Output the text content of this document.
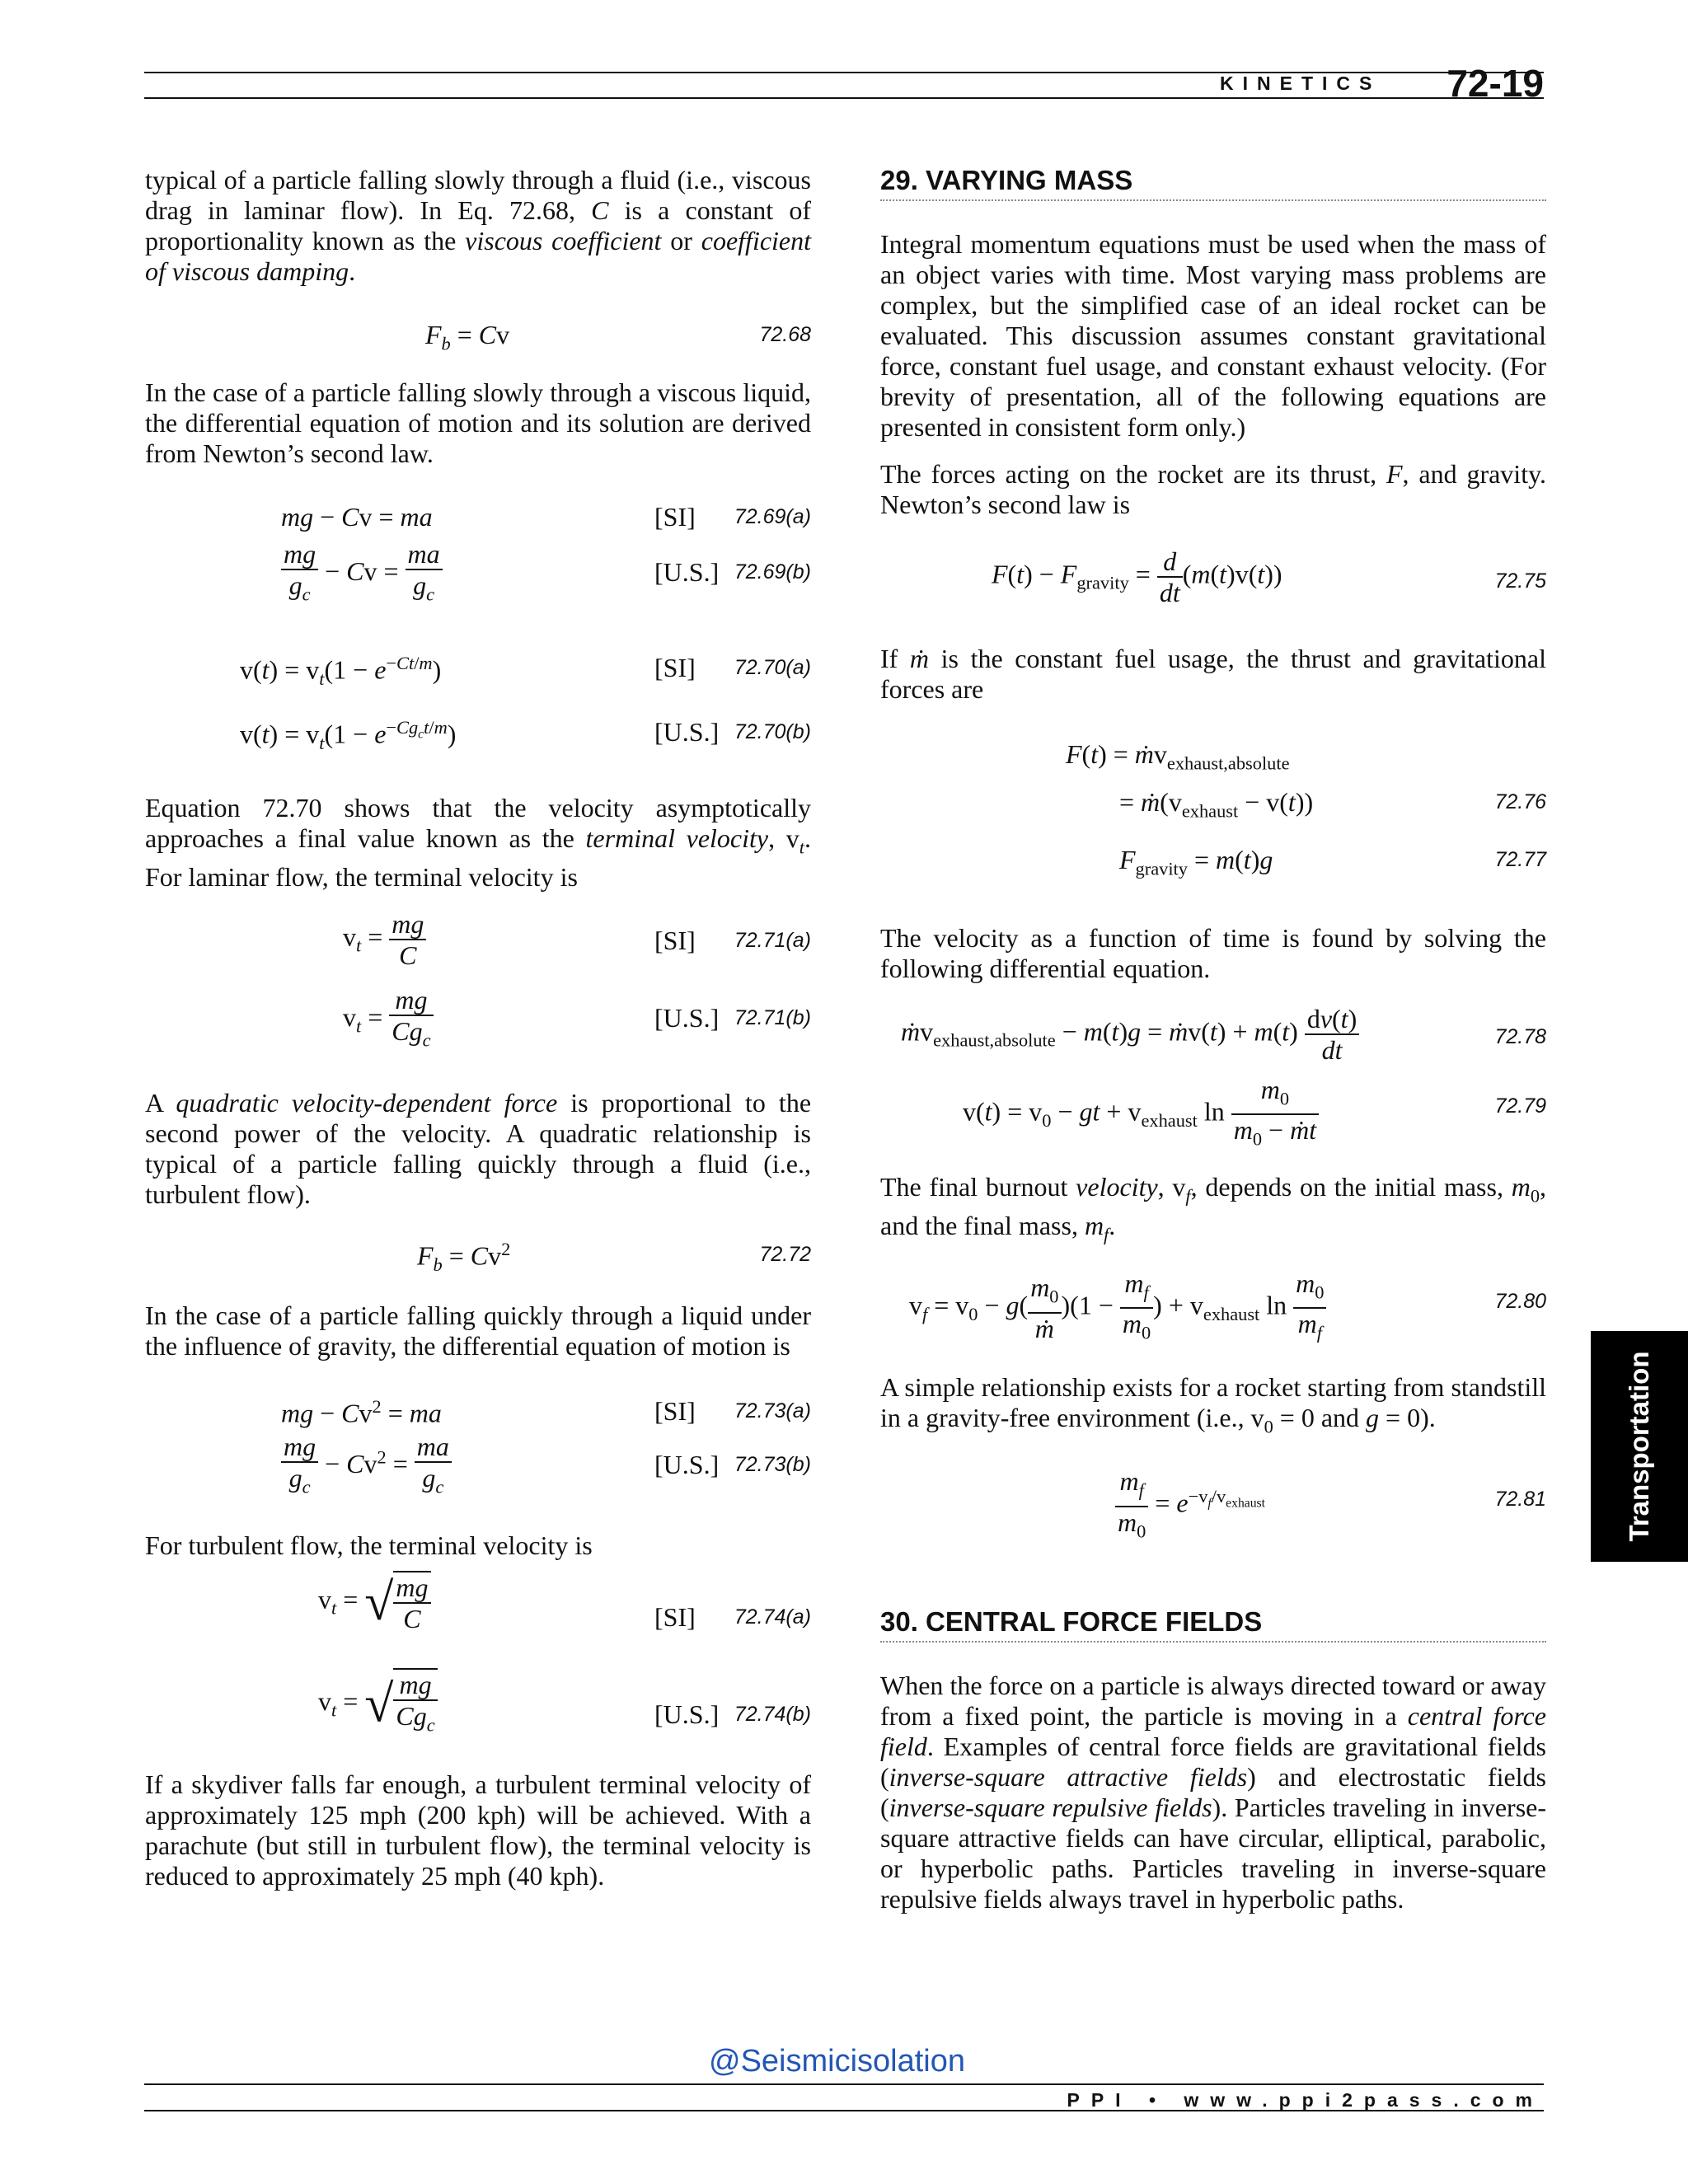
KINETICS 72-19

typical of a particle falling slowly through a fluid (i.e., viscous drag in laminar flow). In Eq. 72.68, C is a constant of proportionality known as the viscous coefficient or coefficient of viscous damping.

$F_b = Cv$	72.68

In the case of a particle falling slowly through a viscous liquid, the differential equation of motion and its solution are derived from Newton’s second law.

mg − Cv = ma	[SI] 72.69(a)
$\frac{mg}{g_c} - Cv = \frac{ma}{g_c}$	[U.S.] 72.69(b)
$v(t) = v_t(1 - e^{-Ct/m})$	[SI] 72.70(a)
$v(t) = v_t(1 - e^{-Cg_ct/m})$	[U.S.] 72.70(b)

Equation 72.70 shows that the velocity asymptotically approaches a final value known as the terminal velocity, $v_t$. For laminar flow, the terminal velocity is

$v_t = \frac{mg}{C}$	[SI] 72.71(a)
$v_t = \frac{mg}{Cg_c}$	[U.S.] 72.71(b)

A quadratic velocity-dependent force is proportional to the second power of the velocity. A quadratic relationship is typical of a particle falling quickly through a fluid (i.e., turbulent flow).

$F_b = Cv^2$	72.72

In the case of a particle falling quickly through a liquid under the influence of gravity, the differential equation of motion is

mg − $Cv^2$ = ma	[SI] 72.73(a)
$\frac{mg}{g_c} - Cv^2 = \frac{ma}{g_c}$	[U.S.] 72.73(b)

For turbulent flow, the terminal velocity is

$v_t$ = √ $\frac{mg}{C}$	[SI] 72.74(a)
$v_t$ = √ $\frac{mg}{Cg_c}$	[U.S.] 72.74(b)

If a skydiver falls far enough, a turbulent terminal velocity of approximately 125 mph (200 kph) will be achieved. With a parachute (but still in turbulent flow), the terminal velocity is reduced to approximately 25 mph (40 kph).

29. VARYING MASS

Integral momentum equations must be used when the mass of an object varies with time. Most varying mass problems are complex, but the simplified case of an ideal rocket can be evaluated. This discussion assumes constant gravitational force, constant fuel usage, and constant exhaust velocity. (For brevity of presentation, all of the following equations are presented in consistent form only.)

The forces acting on the rocket are its thrust, F, and gravity. Newton’s second law is

$F(t) - F_{gravity} = \frac{d}{dt} (m(t)v(t))$	72.75

If ṁ is the constant fuel usage, the thrust and gravitational forces are

F(t) = ṁv$_{exhaust,absolute}$
= $ṁ(v_{exhaust} - v(t))$	72.76
$F_{gravity} = m(t)g$	72.77

The velocity as a function of time is found by solving the following differential equation.

ṁv$_{exhaust,absolute}$ − m(t)g = ṁv(t) + $m(t) \frac{dv(t)}{dt}$	72.78
$v(t) = v_0$ − gt + $v_{exhaust}$ $\ln \frac{m_0}{m_0 - ṁt}$	72.79

The final burnout velocity, $v_f$, depends on the initial mass, $m_0$, and the final mass, $m_f$.

$v_f = v_0 - g( \frac{m_0}{\text{ṁ}} )(1 - \frac{m_f}{m_0}$ ) + $v_{exhaust}$ $\ln \frac{m_0}{m_f}$	72.80

A simple relationship exists for a rocket starting from standstill in a gravity-free environment (i.e., $v_0 = 0$ and g = 0).

$\frac{m_f}{m_0} = e^{-v_f/v_{exhaust}}$	72.81
30. CENTRAL FORCE FIELDS

When the force on a particle is always directed toward or away from a fixed point, the particle is moving in a central force field. Examples of central force fields are gravitational fields (inverse-square attractive fields) and electrostatic fields (inverse-square repulsive fields). Particles traveling in inverse-square attractive fields can have circular, elliptical, parabolic, or hyperbolic paths. Particles traveling in inverse-square repulsive fields always travel in hyperbolic paths.

Transportation
@Seismicisolation
PPI • www.ppi2pass.com
